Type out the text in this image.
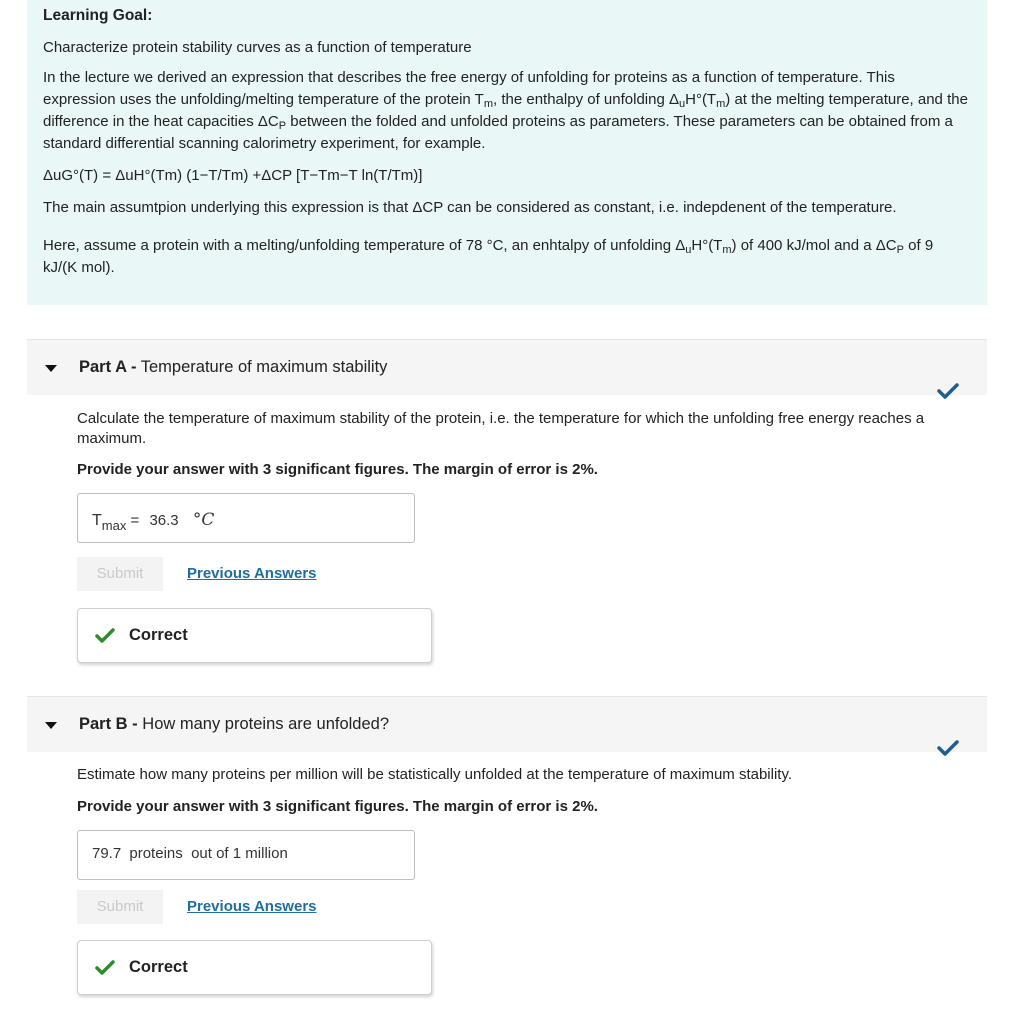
Learning Goal:

Characterize protein stability curves as a function of temperature

In the lecture we derived an expression that describes the free energy of unfolding for proteins as a function of temperature. This expression uses the unfolding/melting temperature of the protein $T_m$, the enthalpy of unfolding $\Delta_uH^\circ(T_m)$ at the melting temperature, and the difference in the heat capacities $\Delta C_P$ between the folded and unfolded proteins as parameters. These parameters can be obtained from a standard differential scanning calorimetry experiment, for example.

ΔuG°(T) = ΔuH°(Tm) (1−T/Tm) +ΔCP [T−Tm−T ln(T/Tm)]

The main assumtpion underlying this expression is that ΔCP can be considered as constant, i.e. indepdenent of the temperature.

Here, assume a protein with a melting/unfolding temperature of 78 °C, an enhtalpy of unfolding $\Delta_uH^\circ(T_m)$ of 400 kJ/mol and a $\Delta C_P$ of 9 kJ/(K mol).

Part A - Temperature of maximum stability
Calculate the temperature of maximum stability of the protein, i.e. the temperature for which the unfolding free energy reaches a maximum.
Provide your answer with 3 significant figures. The margin of error is 2%.
$T_{max} = 36.3$ °C
Submit	Previous Answers
Correct
Part B - How many proteins are unfolded?
Estimate how many proteins per million will be statistically unfolded at the temperature of maximum stability.
Provide your answer with 3 significant figures. The margin of error is 2%.
79.7 proteins  out of 1 million
Submit	Previous Answers
Correct
